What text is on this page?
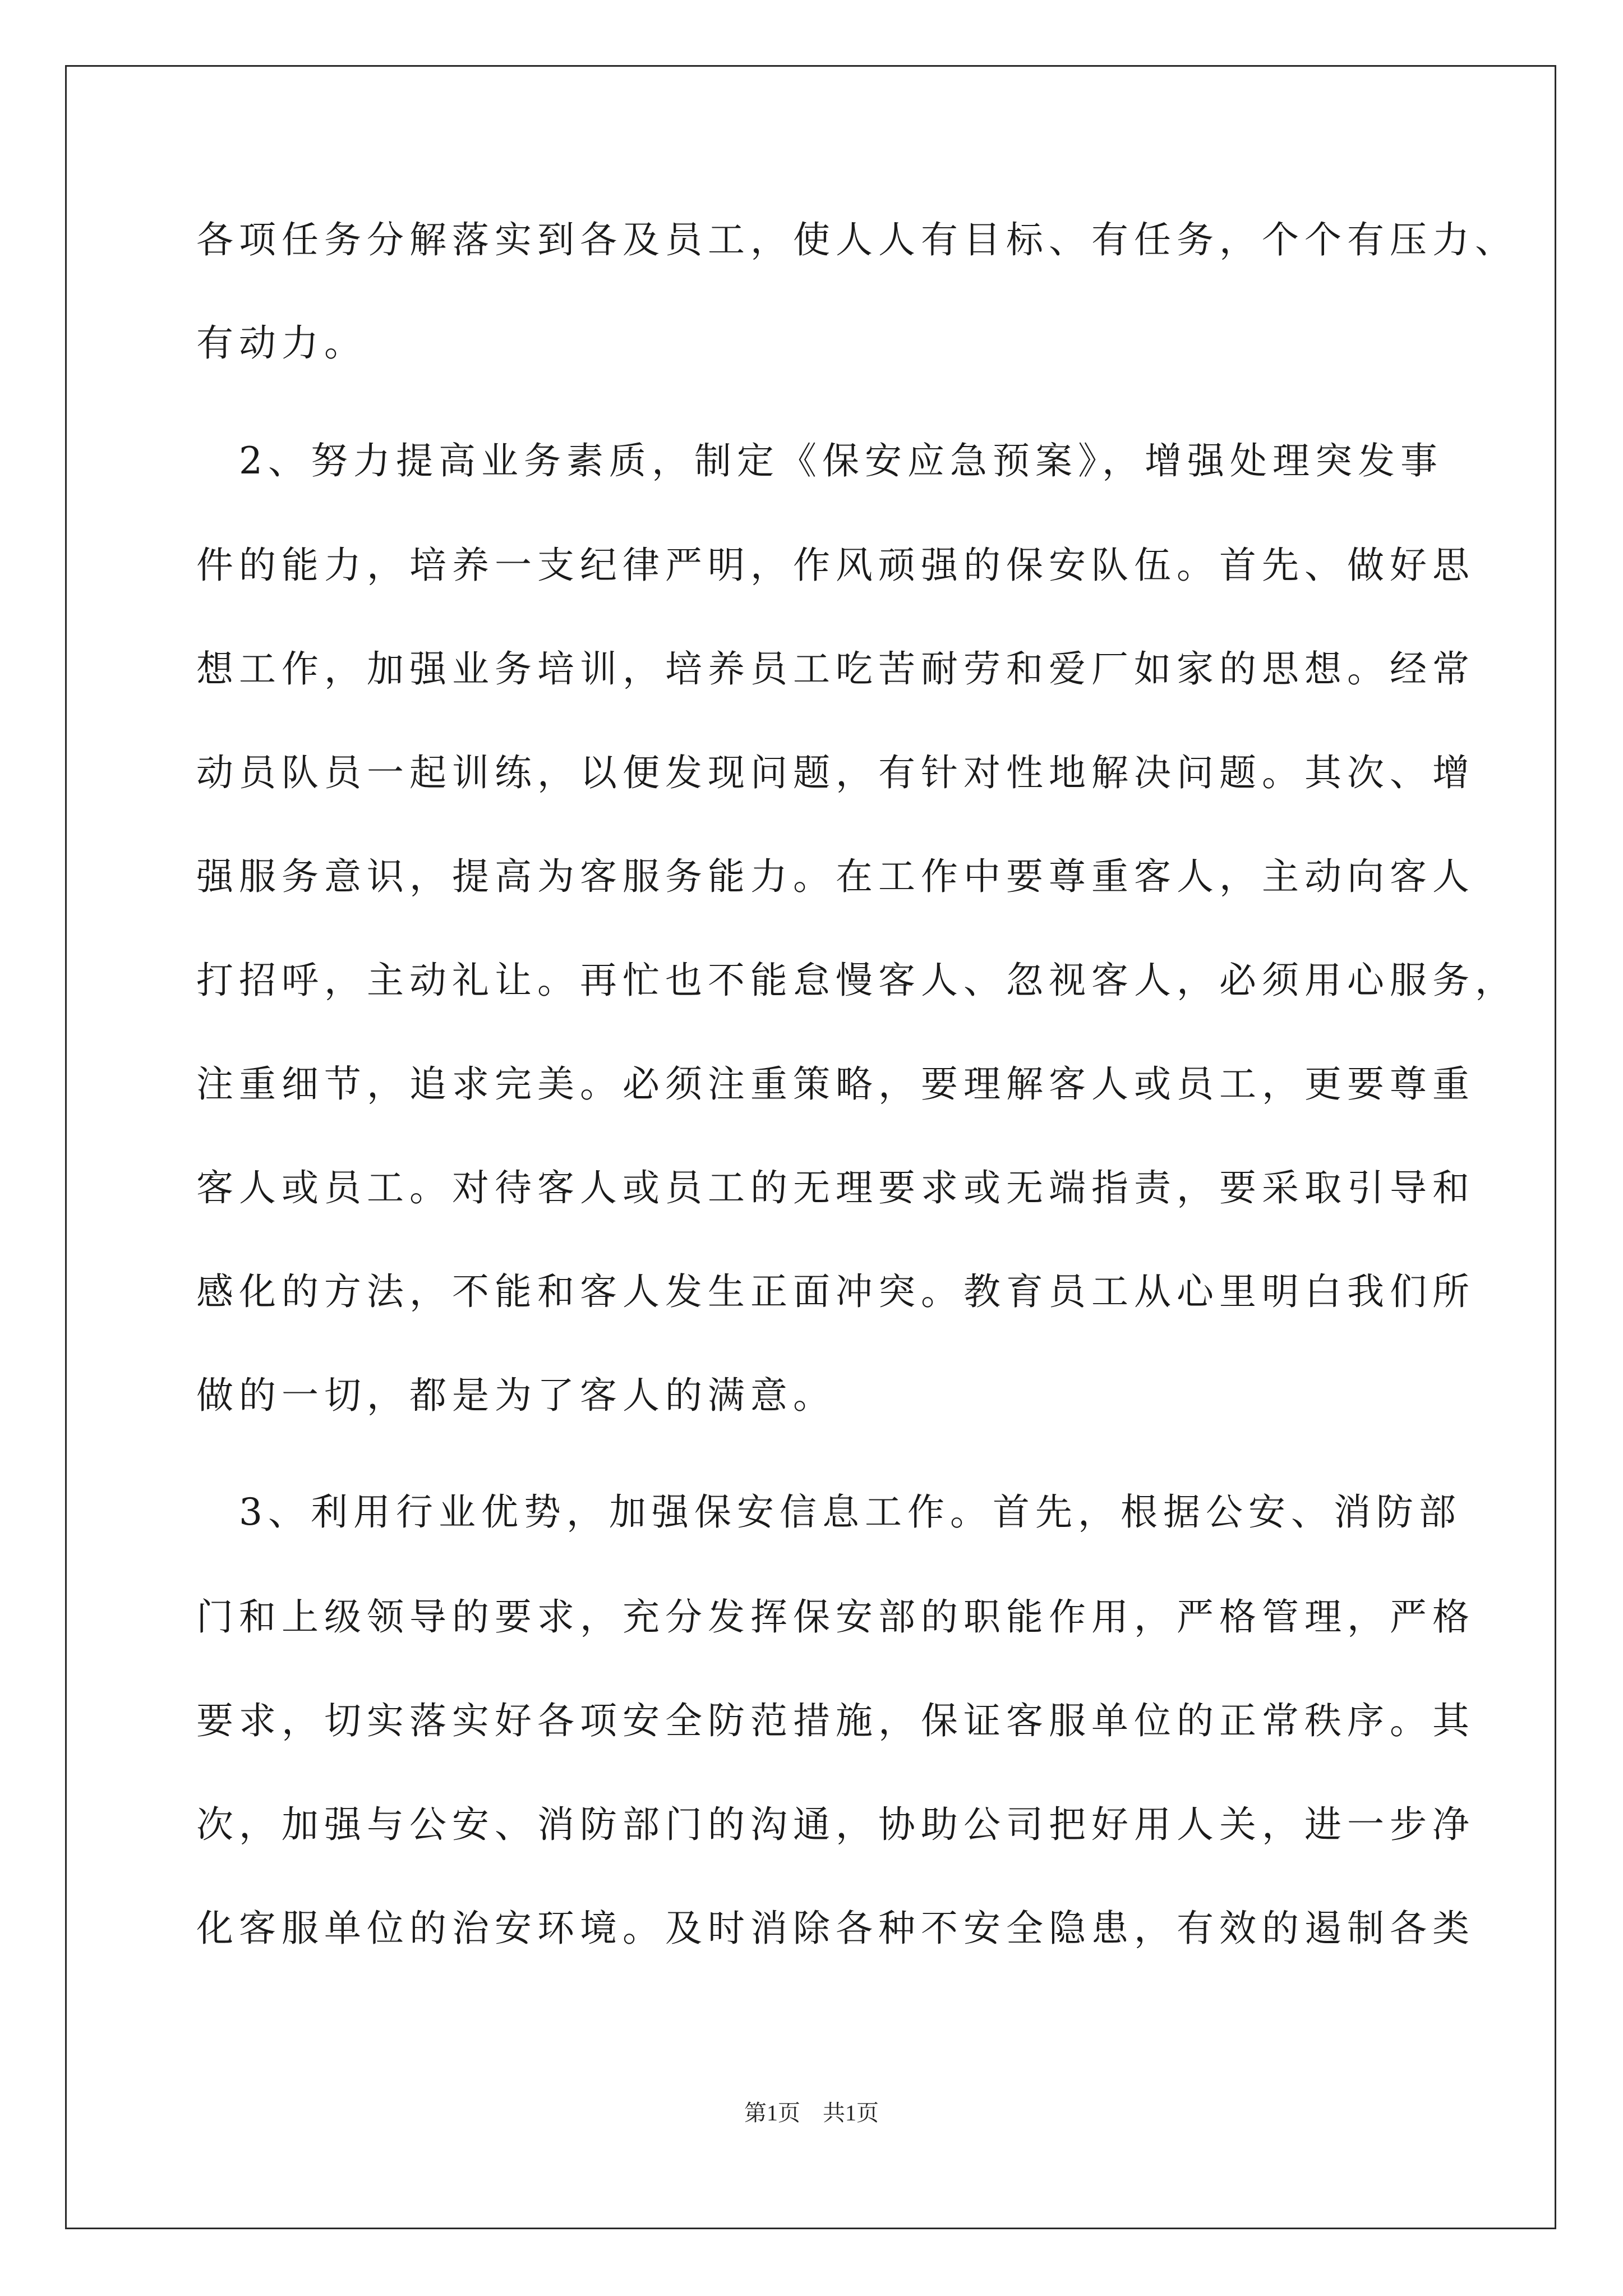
各项任务分解落实到各及员工，使人人有目标、有任务，个个有压力、
有动力。
　2、努力提高业务素质，制定《保安应急预案》，增强处理突发事
件的能力，培养一支纪律严明，作风顽强的保安队伍。首先、做好思
想工作，加强业务培训，培养员工吃苦耐劳和爱厂如家的思想。经常
动员队员一起训练，以便发现问题，有针对性地解决问题。其次、增
强服务意识，提高为客服务能力。在工作中要尊重客人，主动向客人
打招呼，主动礼让。再忙也不能怠慢客人、忽视客人，必须用心服务，
注重细节，追求完美。必须注重策略，要理解客人或员工，更要尊重
客人或员工。对待客人或员工的无理要求或无端指责，要采取引导和
感化的方法，不能和客人发生正面冲突。教育员工从心里明白我们所
做的一切，都是为了客人的满意。
　3、利用行业优势，加强保安信息工作。首先，根据公安、消防部
门和上级领导的要求，充分发挥保安部的职能作用，严格管理，严格
要求，切实落实好各项安全防范措施，保证客服单位的正常秩序。其
次，加强与公安、消防部门的沟通，协助公司把好用人关，进一步净
化客服单位的治安环境。及时消除各种不安全隐患，有效的遏制各类
第1页　共1页
